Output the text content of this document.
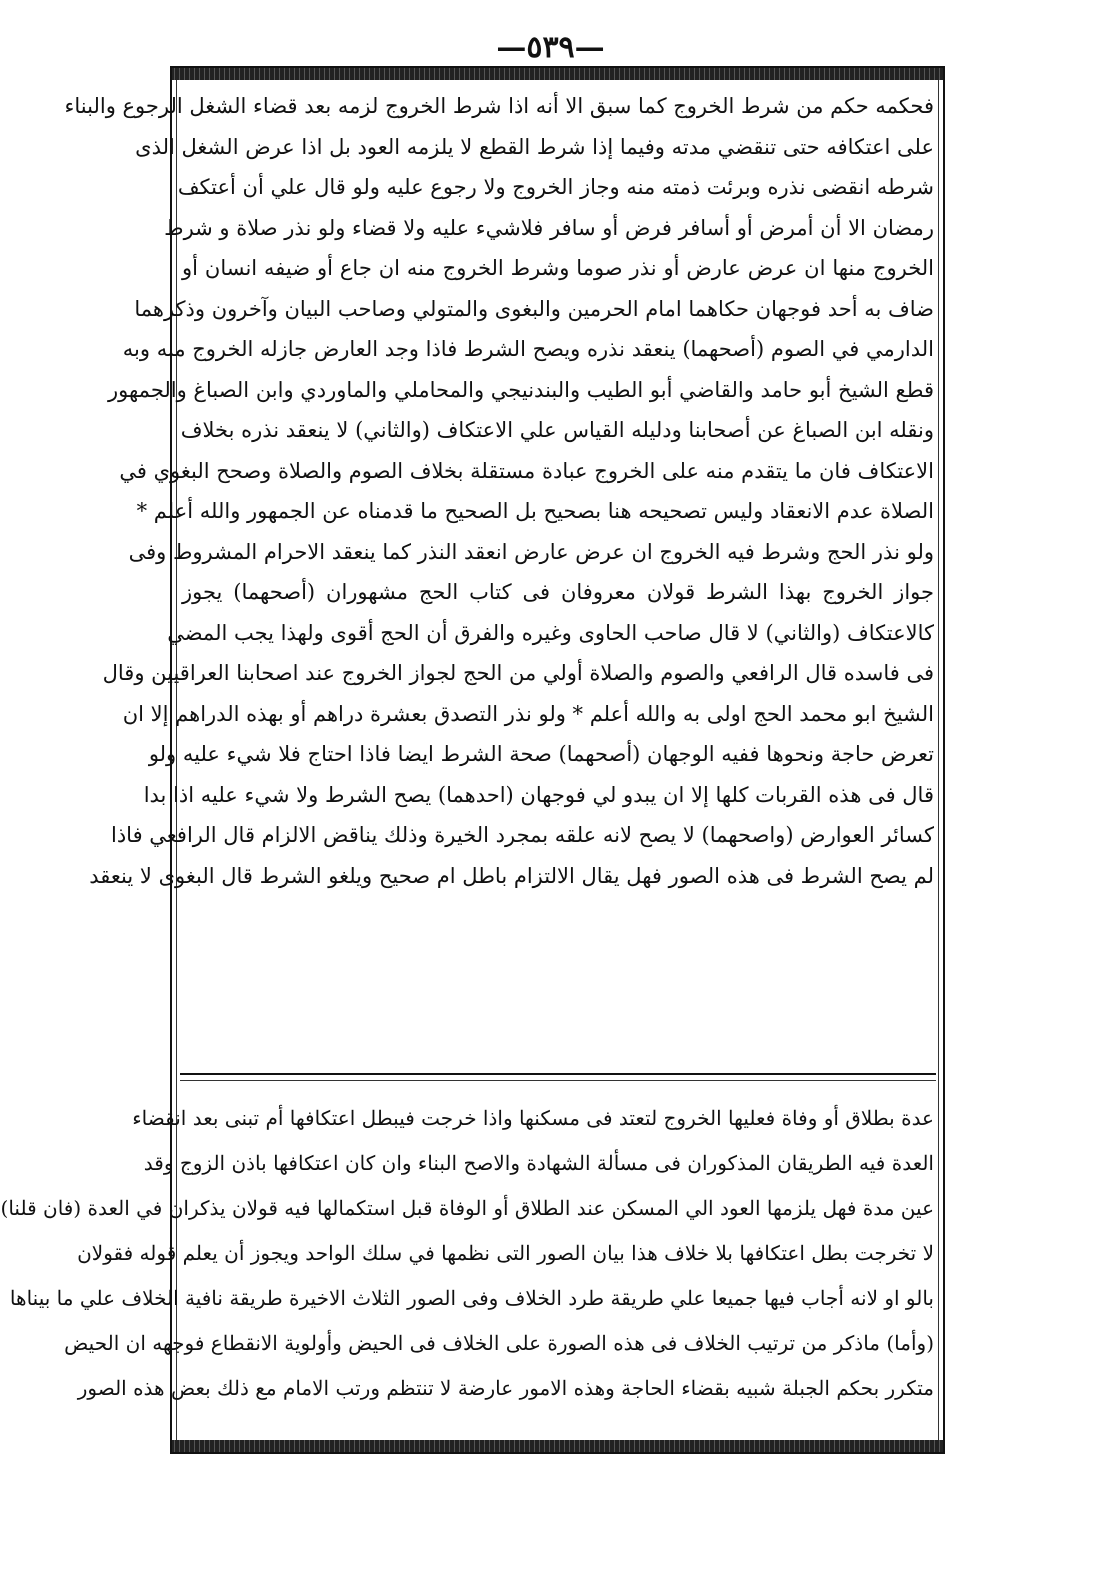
—٥٣٩—
فحكمه حكم من شرط الخروج كما سبق الا أنه اذا شرط الخروج لزمه بعد قضاء الشغل الرجوع والبناء
على اعتكافه حتى تنقضي مدته وفيما إذا شرط القطع لا يلزمه العود بل اذا عرض الشغل الذى
شرطه انقضى نذره وبرئت ذمته منه وجاز الخروج ولا رجوع عليه ولو قال علي أن أعتكف
رمضان الا أن أمرض أو أسافر فرض أو سافر فلاشيء عليه ولا قضاء ولو نذر صلاة و شرط
الخروج منها ان عرض عارض أو نذر صوما وشرط الخروج منه ان جاع أو ضيفه انسان أو
ضاف به أحد فوجهان حكاهما امام الحرمين والبغوى والمتولي وصاحب البيان وآخرون وذكرهما
الدارمي في الصوم (أصحهما) ينعقد نذره ويصح الشرط فاذا وجد العارض جازله الخروج منه وبه
قطع الشيخ أبو حامد والقاضي أبو الطيب والبندنيجي والمحاملي والماوردي وابن الصباغ والجمهور
ونقله ابن الصباغ عن أصحابنا ودليله القياس علي الاعتكاف (والثاني) لا ينعقد نذره بخلاف
الاعتكاف فان ما يتقدم منه على الخروج عبادة مستقلة بخلاف الصوم والصلاة وصحح البغوي في
الصلاة عدم الانعقاد وليس تصحيحه هنا بصحيح بل الصحيح ما قدمناه عن الجمهور والله أعلم *
ولو نذر الحج وشرط فيه الخروج ان عرض عارض انعقد النذر كما ينعقد الاحرام المشروط وفى
جواز الخروج بهذا الشرط قولان معروفان فى كتاب الحج مشهوران (أصحهما) يجوز
كالاعتكاف (والثاني) لا قال صاحب الحاوى وغيره والفرق أن الحج أقوى ولهذا يجب المضي
فى فاسده قال الرافعي والصوم والصلاة أولي من الحج لجواز الخروج عند اصحابنا العراقيين وقال
الشيخ ابو محمد الحج اولى به والله أعلم * ولو نذر التصدق بعشرة دراهم أو بهذه الدراهم إلا ان
تعرض حاجة ونحوها ففيه الوجهان (أصحهما) صحة الشرط ايضا فاذا احتاج فلا شيء عليه ولو
قال فى هذه القربات كلها إلا ان يبدو لي فوجهان (احدهما) يصح الشرط ولا شيء عليه اذا بدا
كسائر العوارض (واصحهما) لا يصح لانه علقه بمجرد الخيرة وذلك يناقض الالزام قال الرافعي فاذا
لم يصح الشرط فى هذه الصور فهل يقال الالتزام باطل ام صحيح ويلغو الشرط قال البغوى لا ينعقد
عدة بطلاق أو وفاة فعليها الخروج لتعتد فى مسكنها واذا خرجت فيبطل اعتكافها أم تبنى بعد انقضاء
العدة فيه الطريقان المذكوران فى مسألة الشهادة والاصح البناء وان كان اعتكافها باذن الزوج وقد
عين مدة فهل يلزمها العود الي المسكن عند الطلاق أو الوفاة قبل استكمالها فيه قولان يذكران في العدة (فان قلنا)
لا تخرجت بطل اعتكافها بلا خلاف هذا بيان الصور التى نظمها في سلك الواحد ويجوز أن يعلم قوله فقولان
بالو او لانه أجاب فيها جميعا علي طريقة طرد الخلاف وفى الصور الثلاث الاخيرة طريقة نافية الخلاف علي ما بيناها
(وأما) ماذكر من ترتيب الخلاف فى هذه الصورة على الخلاف فى الحيض وأولوية الانقطاع فوجهه ان الحيض
متكرر بحكم الجبلة شبيه بقضاء الحاجة وهذه الامور عارضة لا تنتظم ورتب الامام مع ذلك بعض هذه الصور
